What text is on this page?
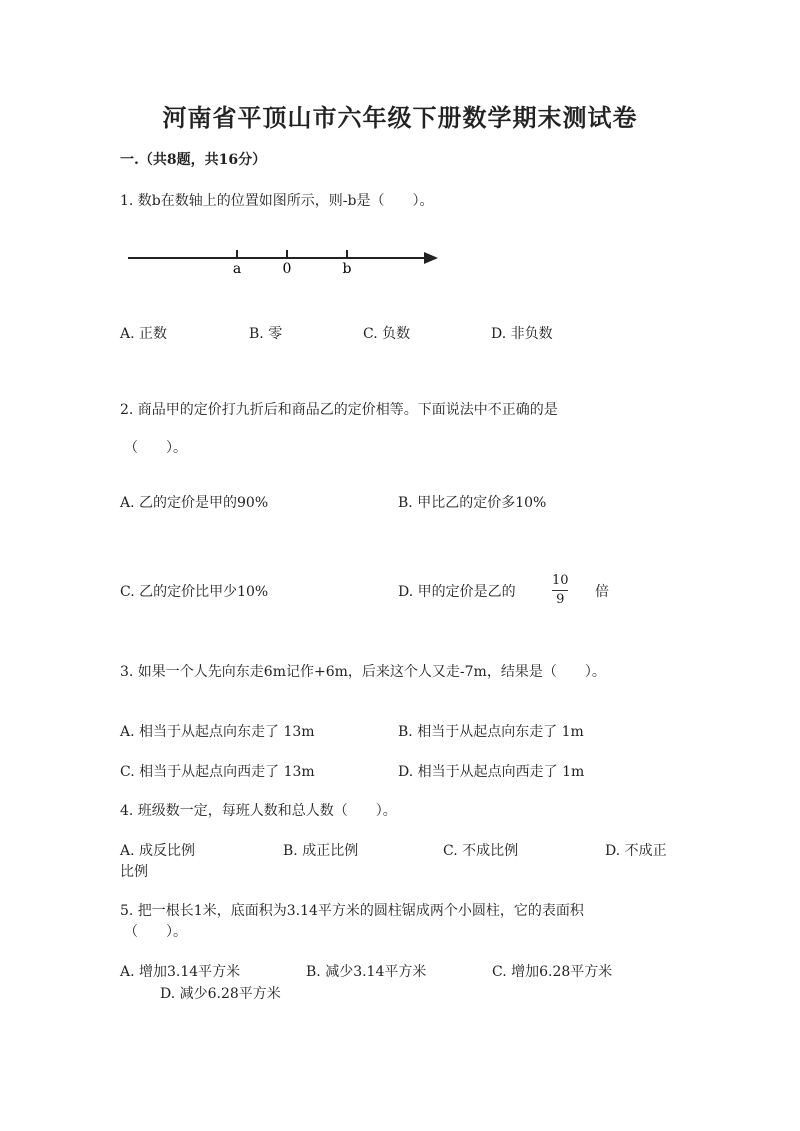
河南省平顶山市六年级下册数学期末测试卷
一.（共8题，共16分）
1. 数b在数轴上的位置如图所示，则-b是（　　）。
a	0	b
A. 正数	B. 零	C. 负数	D. 非负数
2. 商品甲的定价打九折后和商品乙的定价相等。下面说法中不正确的是
（　　）。
A. 乙的定价是甲的90%	B. 甲比乙的定价多10%
C. 乙的定价比甲少10%	D. 甲的定价是乙的
10
9 倍
3. 如果一个人先向东走6m记作+6m，后来这个人又走-7m，结果是（　　）。
A. 相当于从起点向东走了 13m	B. 相当于从起点向东走了 1m
C. 相当于从起点向西走了 13m	D. 相当于从起点向西走了 1m
4. 班级数一定，每班人数和总人数（　　）。
A. 成反比例	B. 成正比例	C. 不成比例	D. 不成正
比例
5. 把一根长1米，底面积为3.14平方米的圆柱锯成两个小圆柱，它的表面积
（　　）。
A. 增加3.14平方米	B. 减少3.14平方米	C. 增加6.28平方米
D. 减少6.28平方米
